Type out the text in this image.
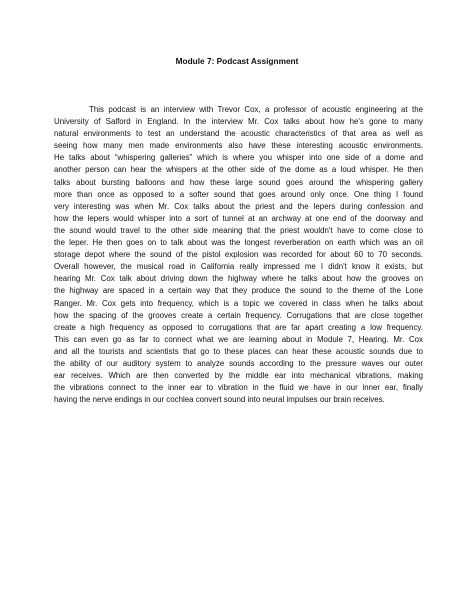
Module 7: Podcast Assignment
This podcast is an interview with Trevor Cox, a professor of acoustic engineering at the
University of Salford in England. In the interview Mr. Cox talks about how he's gone to many
natural environments to test an understand the acoustic characteristics of that area as well as
seeing how many men made environments also have these interesting acoustic environments.
He talks about “whispering galleries” which is where you whisper into one side of a dome and
another person can hear the whispers at the other side of the dome as a loud whisper. He then
talks about bursting balloons and how these large sound goes around the whispering gallery
more than once as opposed to a softer sound that goes around only once. One thing I found
very interesting was when Mr. Cox talks about the priest and the lepers during confession and
how the lepers would whisper into a sort of tunnel at an archway at one end of the doorway and
the sound would travel to the other side meaning that the priest wouldn't have to come close to
the leper. He then goes on to talk about was the longest reverberation on earth which was an oil
storage depot where the sound of the pistol explosion was recorded for about 60 to 70 seconds.
Overall however, the musical road in California really impressed me I didn't know it exists, but
hearing Mr. Cox talk about driving down the highway where he talks about how the grooves on
the highway are spaced in a certain way that they produce the sound to the theme of the Lone
Ranger. Mr. Cox gets into frequency, which is a topic we covered in class when he talks about
how the spacing of the grooves create a certain frequency. Corrugations that are close together
create a high frequency as opposed to corrugations that are far apart creating a low frequency.
This can even go as far to connect what we are learning about in Module 7, Hearing. Mr. Cox
and all the tourists and scientists that go to these places can hear these acoustic sounds due to
the ability of our auditory system to analyze sounds according to the pressure waves our outer
ear receives. Which are then converted by the middle ear into mechanical vibrations, making
the vibrations connect to the inner ear to vibration in the fluid we have in our inner ear, finally
having the nerve endings in our cochlea convert sound into neural impulses our brain receives.
